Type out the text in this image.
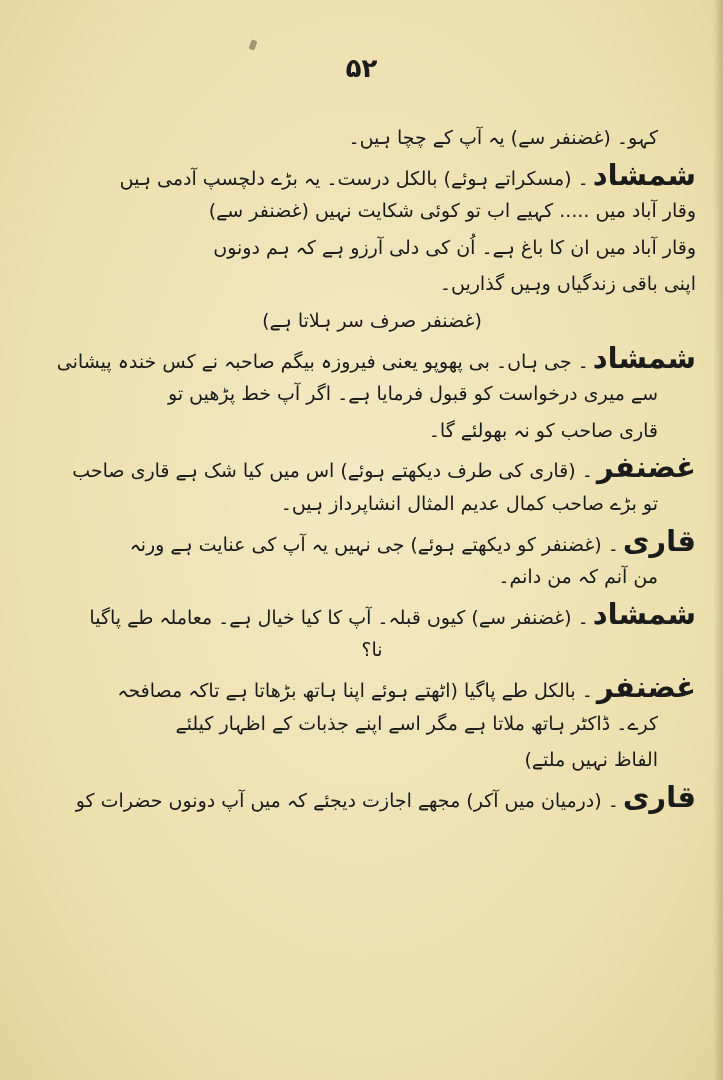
۵۲
کہو۔ (غضنفر سے) یہ آپ کے چچا ہیں۔
شمشاد۔ (مسکراتے ہوئے) بالکل درست۔ یہ بڑے دلچسپ آدمی ہیں
وقار آباد میں ..... کہیے اب تو کوئی شکایت نہیں (غضنفر سے)
وقار آباد میں ان کا باغ ہے۔ اُن کی دلی آرزو ہے کہ ہم دونوں
اپنی باقی زندگیاں وہیں گذاریں۔
(غضنفر صرف سر ہلاتا ہے)
شمشاد۔ جی ہاں۔ بی پھوپو یعنی فیروزہ بیگم صاحبہ نے کس خندہ پیشانی
سے میری درخواست کو قبول فرمایا ہے۔ اگر آپ خط پڑھیں تو
قاری صاحب کو نہ بھولئے گا۔
غضنفر۔ (قاری کی طرف دیکھتے ہوئے) اس میں کیا شک ہے قاری صاحب
تو بڑے صاحب کمال عدیم المثال انشاپرداز ہیں۔
قاری۔ (غضنفر کو دیکھتے ہوئے) جی نہیں یہ آپ کی عنایت ہے ورنہ
من آنم کہ من دانم۔
شمشاد۔ (غضنفر سے) کیوں قبلہ۔ آپ کا کیا خیال ہے۔ معاملہ طے پاگیا
نا؟
غضنفر۔ بالکل طے پاگیا (اٹھتے ہوئے اپنا ہاتھ بڑھاتا ہے تاکہ مصافحہ
کرے۔ ڈاکٹر ہاتھ ملاتا ہے مگر اسے اپنے جذبات کے اظہار کیلئے
الفاظ نہیں ملتے)
قاری۔ (درمیان میں آکر) مجھے اجازت دیجئے کہ میں آپ دونوں حضرات کو
